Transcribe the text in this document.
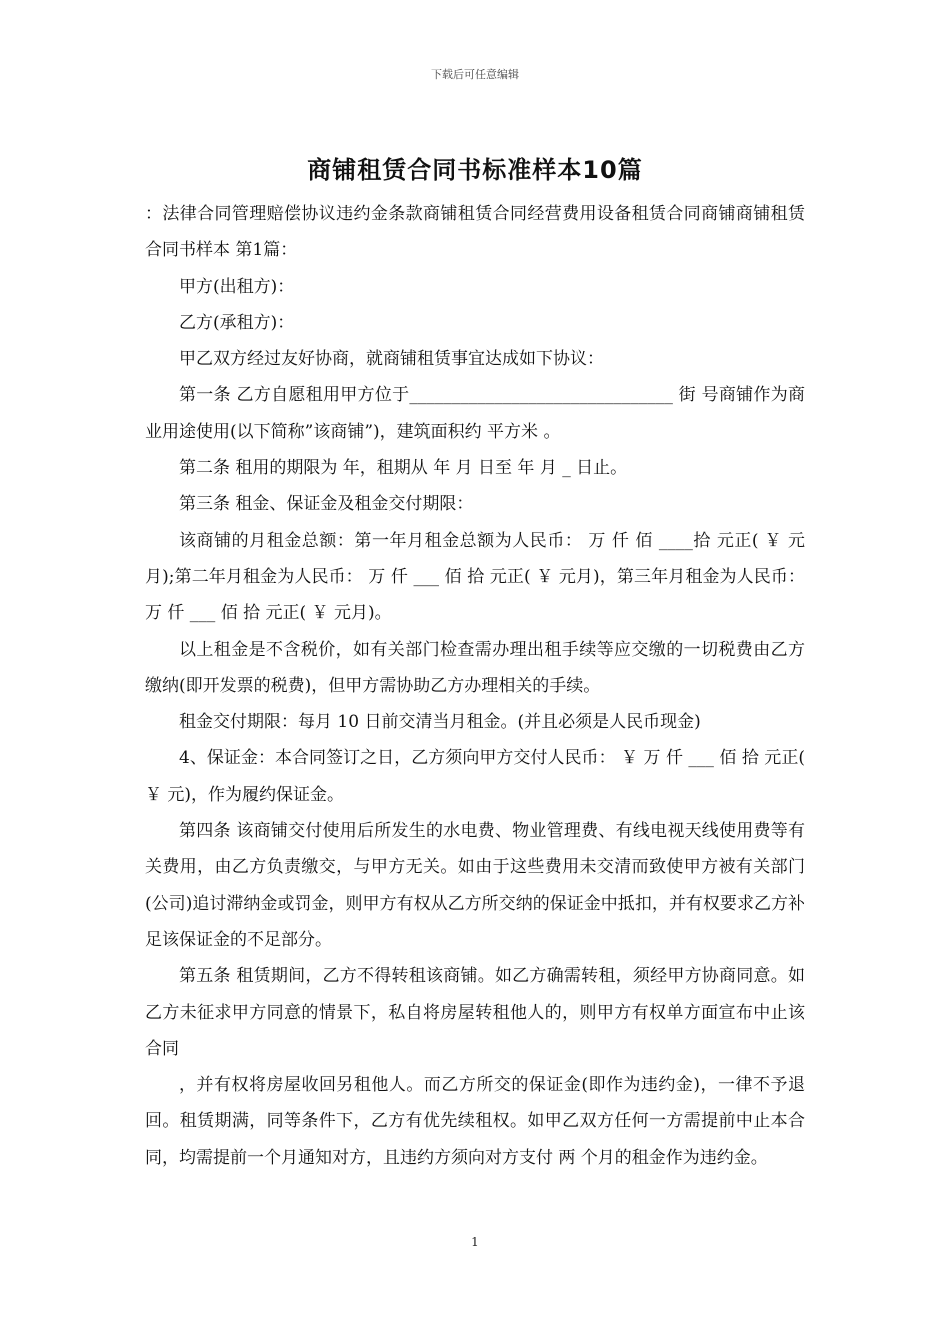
下载后可任意编辑
商铺租赁合同书标准样本10篇

：法律合同管理赔偿协议违约金条款商铺租赁合同经营费用设备租赁合同商铺商铺租赁合同书样本 第1篇：

甲方(出租方)：

乙方(承租方)：

甲乙双方经过友好协商，就商铺租赁事宜达成如下协议：

第一条 乙方自愿租用甲方位于_______________________________ 街 号商铺作为商业用途使用(以下简称”该商铺”)，建筑面积约 平方米 。

第二条 租用的期限为 年，租期从 年 月 日至 年 月 _ 日止。

第三条 租金、保证金及租金交付期限：

该商铺的月租金总额：第一年月租金总额为人民币： 万 仟 佰 ____拾 元正( ￥ 元月);第二年月租金为人民币： 万 仟 ___ 佰 拾 元正( ￥ 元月)，第三年月租金为人民币： 万 仟 ___ 佰 拾 元正( ￥ 元月)。

以上租金是不含税价，如有关部门检查需办理出租手续等应交缴的一切税费由乙方缴纳(即开发票的税费)，但甲方需协助乙方办理相关的手续。

租金交付期限：每月 10 日前交清当月租金。(并且必须是人民币现金)

4、保证金：本合同签订之日，乙方须向甲方交付人民币： ￥ 万 仟 ___ 佰 拾 元正( ￥ 元)，作为履约保证金。

第四条 该商铺交付使用后所发生的水电费、物业管理费、有线电视天线使用费等有关费用，由乙方负责缴交，与甲方无关。如由于这些费用未交清而致使甲方被有关部门(公司)追讨滞纳金或罚金，则甲方有权从乙方所交纳的保证金中抵扣，并有权要求乙方补足该保证金的不足部分。

第五条 租赁期间，乙方不得转租该商铺。如乙方确需转租，须经甲方协商同意。如乙方未征求甲方同意的情景下，私自将房屋转租他人的，则甲方有权单方面宣布中止该合同

，并有权将房屋收回另租他人。而乙方所交的保证金(即作为违约金)，一律不予退回。租赁期满，同等条件下，乙方有优先续租权。如甲乙双方任何一方需提前中止本合同，均需提前一个月通知对方，且违约方须向对方支付 两 个月的租金作为违约金。

1
